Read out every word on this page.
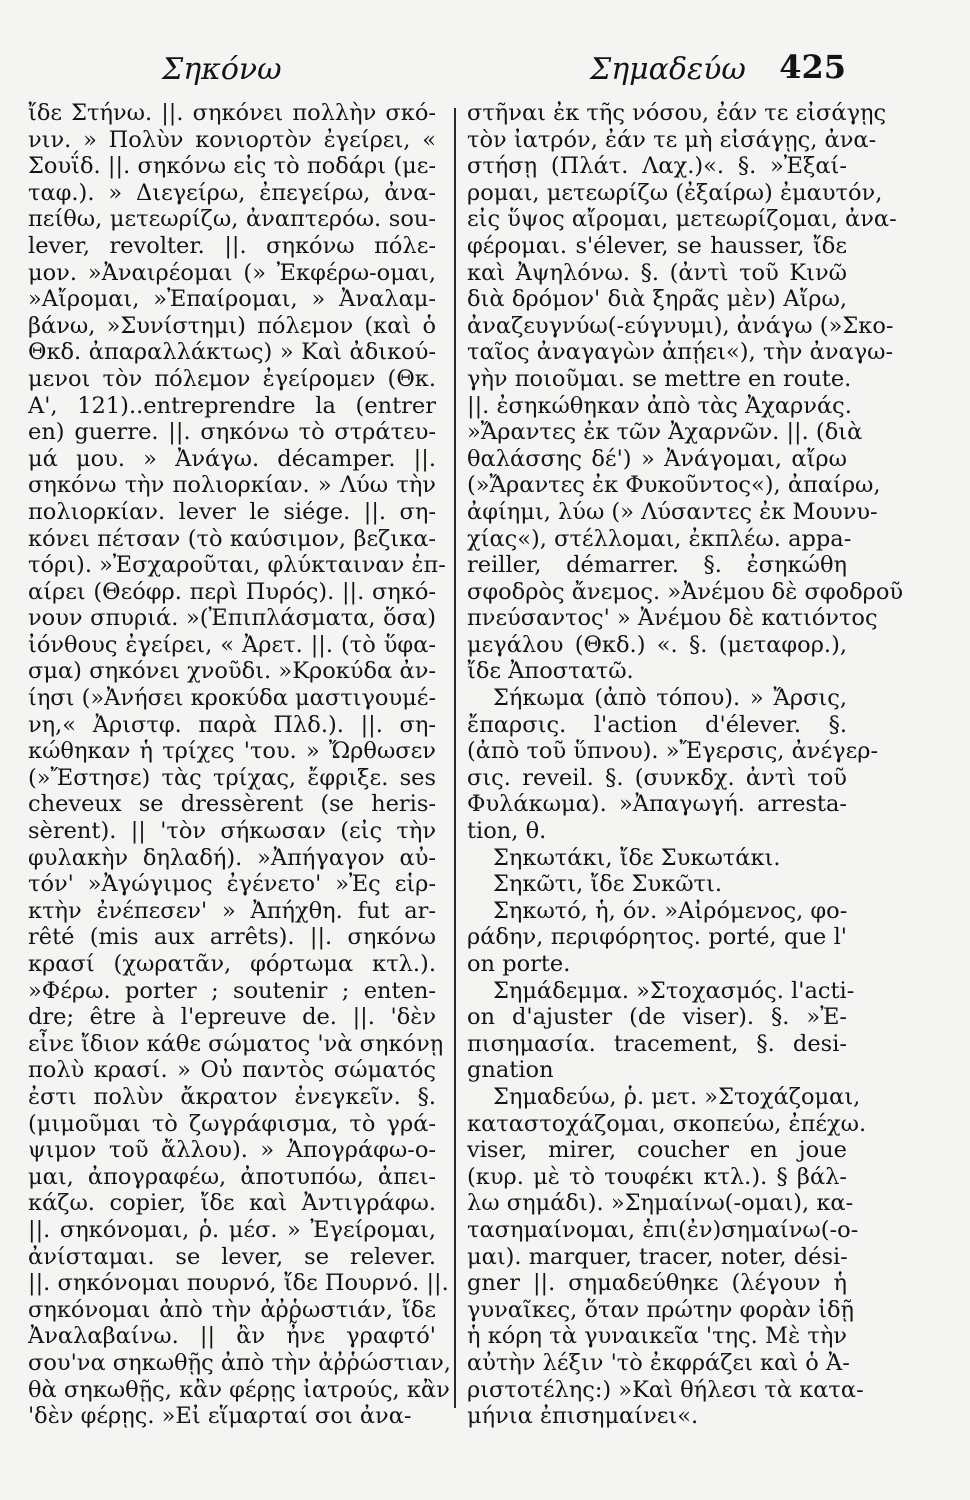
Σηκόνω	Σημαδεύω 425
ἴδε Στήνω. ||. σηκόνει πολλὴν σκό-
νιν. » Πολὺν κονιορτὸν ἐγείρει, «
Σουΐδ. ||. σηκόνω εἰς τὸ ποδάρι (με-
ταφ.). » Διεγείρω, ἐπεγείρω, ἀνα-
πείθω, μετεωρίζω, ἀναπτερόω. sou-
lever, revolter. ||. σηκόνω πόλε-
μον. »Ἀναιρέομαι (» Ἐκφέρω-ομαι,
»Αἴρομαι, »Ἐπαίρομαι, » Ἀναλαμ-
βάνω, »Συνίστημι) πόλεμον (καὶ ὁ
Θκδ. ἀπαραλλάκτως) » Καὶ ἀδικού-
μενοι τὸν πόλεμον ἐγείρομεν (Θκ.
Α', 121)..entreprendre la (entrer
en) guerre. ||. σηκόνω τὸ στράτευ-
μά μου. » Ἀνάγω. décamper. ||.
σηκόνω τὴν πολιορκίαν. » Λύω τὴν
πολιορκίαν. lever le siége. ||. ση-
κόνει πέτσαν (τὸ καύσιμον, βεζικα-
τόρι). »Ἐσχαροῦται, φλύκταιναν ἐπ-
αίρει (Θεόφρ. περὶ Πυρός). ||. σηκό-
νουν σπυριά. »(Ἐπιπλάσματα, ὅσα)
ἰόνθους ἐγείρει, « Ἀρετ. ||. (τὸ ὕφα-
σμα) σηκόνει χνοῦδι. »Κροκύδα ἀν-
ίησι (»Ἀνήσει κροκύδα μαστιγουμέ-
νη,« Ἀριστφ. παρὰ Πλδ.). ||. ση-
κώθηκαν ἡ τρίχες 'του. » Ὤρθωσεν
(»Ἔστησε) τὰς τρίχας, ἔφριξε. ses
cheveux se dressèrent (se heris-
sèrent). || 'τὸν σήκωσαν (εἰς τὴν
φυλακὴν δηλαδή). »Ἀπήγαγον αὐ-
τόν' »Ἀγώγιμος ἐγένετο' »Ἐς εἱρ-
κτὴν ἐνέπεσεν' » Ἀπήχθη. fut ar-
rêté (mis aux arrêts). ||. σηκόνω
κρασί (χωρατᾶν, φόρτωμα κτλ.).
»Φέρω. porter ; soutenir ; enten-
dre; être à l'epreuve de. ||. 'δὲν
εἶνε ἴδιον κάθε σώματος 'νὰ σηκόνῃ
πολὺ κρασί. » Οὐ παντὸς σώματός
ἐστι πολὺν ἄκρατον ἐνεγκεῖν. §.
(μιμοῦμαι τὸ ζωγράφισμα, τὸ γρά-
ψιμον τοῦ ἄλλου). » Ἀπογράφω-ο-
μαι, ἀπογραφέω, ἀποτυπόω, ἀπει-
κάζω. copier, ἴδε καὶ Ἀντιγράφω.
||. σηκόνομαι, ῥ. μέσ. » Ἐγείρομαι,
ἀνίσταμαι. se lever, se relever.
||. σηκόνομαι πουρνό, ἴδε Πουρνό. ||.
σηκόνομαι ἀπὸ τὴν ἀῤῥωστιάν, ἴδε
Ἀναλαβαίνω. || ἂν ἦνε γραφτό'
σου'να σηκωθῇς ἀπὸ τὴν ἀῤῥώστιαν,
θὰ σηκωθῇς, κἂν φέρῃς ἰατρούς, κἂν
'δὲν φέρῃς. »Εἰ εἵμαρταί σοι ἀνα-
στῆναι ἐκ τῆς νόσου, ἐάν τε εἰσάγῃς
τὸν ἰατρόν, ἐάν τε μὴ εἰσάγῃς, ἀνα-
στήσῃ (Πλάτ. Λαχ.)«. §. »Ἐξαί-
ρομαι, μετεωρίζω (ἐξαίρω) ἐμαυτόν,
εἰς ὕψος αἴρομαι, μετεωρίζομαι, ἀνα-
φέρομαι. s'élever, se hausser, ἴδε
καὶ Ἀψηλόνω. §. (ἀντὶ τοῦ Κινῶ
διὰ δρόμον' διὰ ξηρᾶς μὲν) Αἴρω,
ἀναζευγνύω(-εύγνυμι), ἀνάγω (»Σκο-
ταῖος ἀναγαγὼν ἀπῄει«), τὴν ἀναγω-
γὴν ποιοῦμαι. se mettre en route.
||. ἐσηκώθηκαν ἀπὸ τὰς Ἀχαρνάς.
»Ἄραντες ἐκ τῶν Ἀχαρνῶν. ||. (διὰ
θαλάσσης δέ') » Ἀνάγομαι, αἴρω
(»Ἄραντες ἐκ Φυκοῦντος«), ἀπαίρω,
ἀφίημι, λύω (» Λύσαντες ἐκ Μουνυ-
χίας«), στέλλομαι, ἐκπλέω. appa-
reiller, démarrer. §. ἐσηκώθη
σφοδρὸς ἄνεμος. »Ἀνέμου δὲ σφοδροῦ
πνεύσαντος' » Ἀνέμου δὲ κατιόντος
μεγάλου (Θκδ.) «. §. (μεταφορ.),
ἴδε Ἀποστατῶ.
Σήκωμα (ἀπὸ τόπου). » Ἄρσις,
ἔπαρσις. l'action d'élever. §.
(ἀπὸ τοῦ ὕπνου). »Ἔγερσις, ἀνέγερ-
σις. reveil. §. (συνκδχ. ἀντὶ τοῦ
Φυλάκωμα). »Ἀπαγωγή. arresta-
tion, θ.
Σηκωτάκι, ἴδε Συκωτάκι.
Σηκῶτι, ἴδε Συκῶτι.
Σηκωτό, ἡ, όν. »Αἰρόμενος, φο-
ράδην, περιφόρητος. porté, que l'
on porte.
Σημάδεμμα. »Στοχασμός. l'acti-
on d'ajuster (de viser). §. »Ἐ-
πισημασία. tracement, §. desi-
gnation
Σημαδεύω, ῥ. μετ. »Στοχάζομαι,
καταστοχάζομαι, σκοπεύω, ἐπέχω.
viser, mirer, coucher en joue
(κυρ. μὲ τὸ τουφέκι κτλ.). § βάλ-
λω σημάδι). »Σημαίνω(-ομαι), κα-
τασημαίνομαι, ἐπι(ἐν)σημαίνω(-ο-
μαι). marquer, tracer, noter, dési-
gner ||. σημαδεύθηκε (λέγουν ἡ
γυναῖκες, ὅταν πρώτην φορὰν ἰδῇ
ἡ κόρη τὰ γυναικεῖα 'της. Μὲ τὴν
αὐτὴν λέξιν 'τὸ ἐκφράζει καὶ ὁ Ἀ-
ριστοτέλης:) »Καὶ θήλεσι τὰ κατα-
μήνια ἐπισημαίνει«.
